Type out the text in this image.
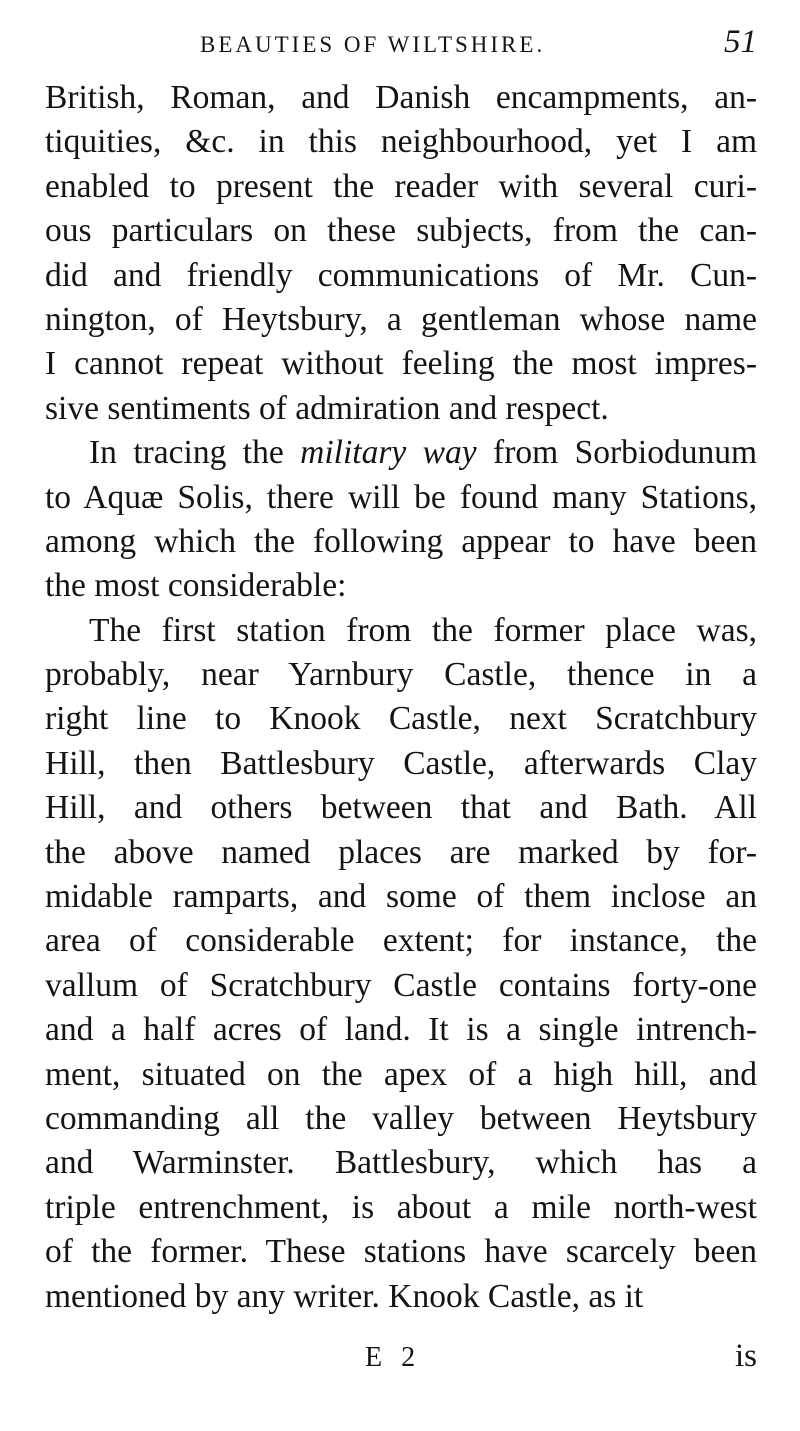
BEAUTIES OF WILTSHIRE.	51
British, Roman, and Danish encampments, an-
tiquities, &c. in this neighbourhood, yet I am
enabled to present the reader with several curi-
ous particulars on these subjects, from the can-
did and friendly communications of Mr. Cun-
nington, of Heytsbury, a gentleman whose name
I cannot repeat without feeling the most impres-
sive sentiments of admiration and respect.
In tracing the military way from Sorbiodunum
to Aquæ Solis, there will be found many Stations,
among which the following appear to have been
the most considerable:
The first station from the former place was,
probably, near Yarnbury Castle, thence in a
right line to Knook Castle, next Scratchbury
Hill, then Battlesbury Castle, afterwards Clay
Hill, and others between that and Bath. All
the above named places are marked by for-
midable ramparts, and some of them inclose an
area of considerable extent; for instance, the
vallum of Scratchbury Castle contains forty-one
and a half acres of land. It is a single intrench-
ment, situated on the apex of a high hill, and
commanding all the valley between Heytsbury
and Warminster. Battlesbury, which has a
triple entrenchment, is about a mile north-west
of the former. These stations have scarcely been
mentioned by any writer. Knook Castle, as it
E 2	is
